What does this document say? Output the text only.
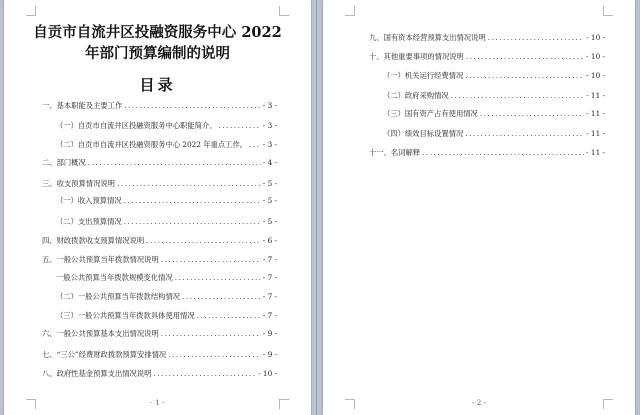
自贡市自流井区投融资服务中心 2022 年部门预算编制的说明
目录
一、基本职能及主要工作 .....	- 3 -
（一）自贡市自流井区投融资服务中心职能简介。 .....	- 3 -
（二）自贡市自流井区投融资服务中心 2022 年重点工作。 ..... - 3 -
二、部门概况 .....	- 4 -
三、收支预算情况说明 .....	- 5 -
（一）收入预算情况 .....	- 5 -
（二）支出预算情况 .....	- 5 -
四、财政拨款收支预算情况说明 .....	- 6 -
五、一般公共预算当年拨款情况说明 .....	- 7 -
一般公共预算当年拨款规模变化情况 .....	- 7 -
（二）一般公共预算当年拨款结构情况 .....	- 7 -
（三）一般公共预算当年拨款具体使用情况 .....	- 7 -
六、一般公共预算基本支出情况说明 .....	- 9 -
七、“三公”经费财政拨款预算安排情况 .....	- 9 -
八、政府性基金预算支出情况说明 .....	- 10 -
- 1 -
九、国有资本经营预算支出情况说明 .....	- 10 -
十、其他重要事项的情况说明 .....	- 10 -
（一）机关运行经费情况 .....	- 10 -
（二）政府采购情况 .....	- 11 -
（三）国有资产占有使用情况 .....	- 11 -
（四）绩效目标设置情况 .....	- 11 -
十一、名词解释 .....	- 11 -
- 2 -
